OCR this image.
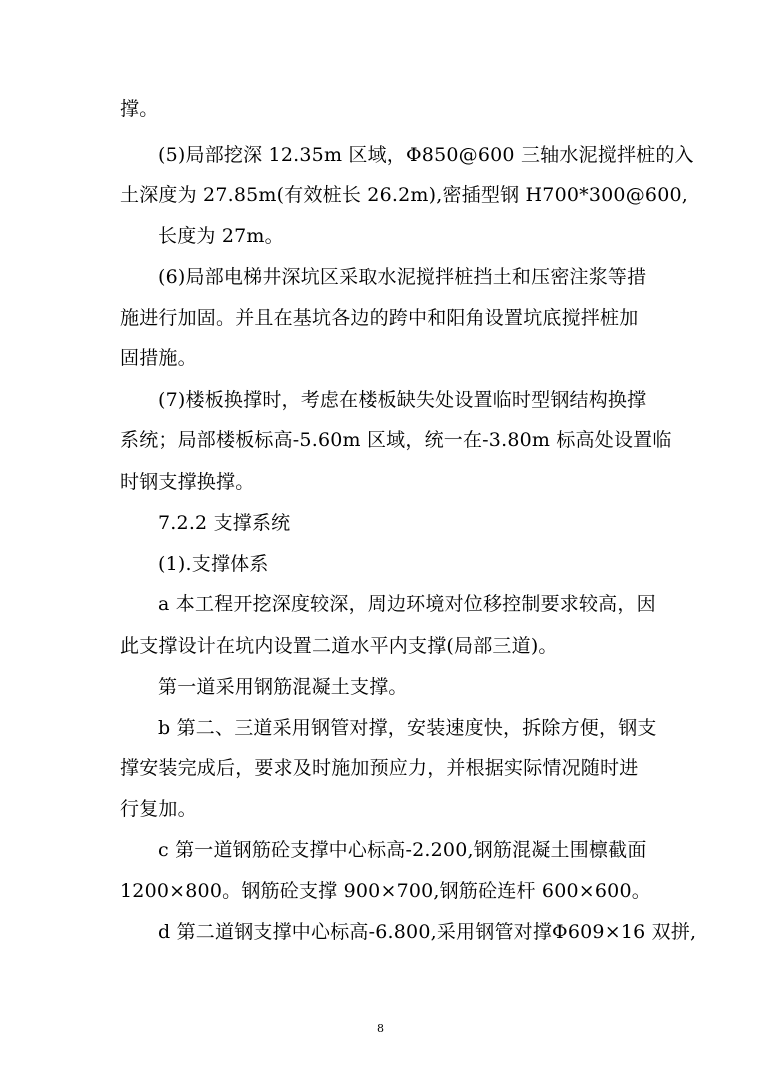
撑。
(5)局部挖深 12.35m 区域，Φ850@600 三轴水泥搅拌桩的入
土深度为 27.85m(有效桩长 26.2m),密插型钢 H700*300@600,
长度为 27m。
(6)局部电梯井深坑区采取水泥搅拌桩挡土和压密注浆等措
施进行加固。并且在基坑各边的跨中和阳角设置坑底搅拌桩加
固措施。
(7)楼板换撑时，考虑在楼板缺失处设置临时型钢结构换撑
系统；局部楼板标高-5.60m 区域，统一在-3.80m 标高处设置临
时钢支撑换撑。
7.2.2 支撑系统
(1).支撑体系
a 本工程开挖深度较深，周边环境对位移控制要求较高，因
此支撑设计在坑内设置二道水平内支撑(局部三道)。
第一道采用钢筋混凝土支撑。
b 第二、三道采用钢管对撑，安装速度快，拆除方便，钢支
撑安装完成后，要求及时施加预应力，并根据实际情况随时进
行复加。
c 第一道钢筋砼支撑中心标高-2.200,钢筋混凝土围檩截面
1200×800。钢筋砼支撑 900×700,钢筋砼连杆 600×600。
d 第二道钢支撑中心标高-6.800,采用钢管对撑Φ609×16 双拼,
8
